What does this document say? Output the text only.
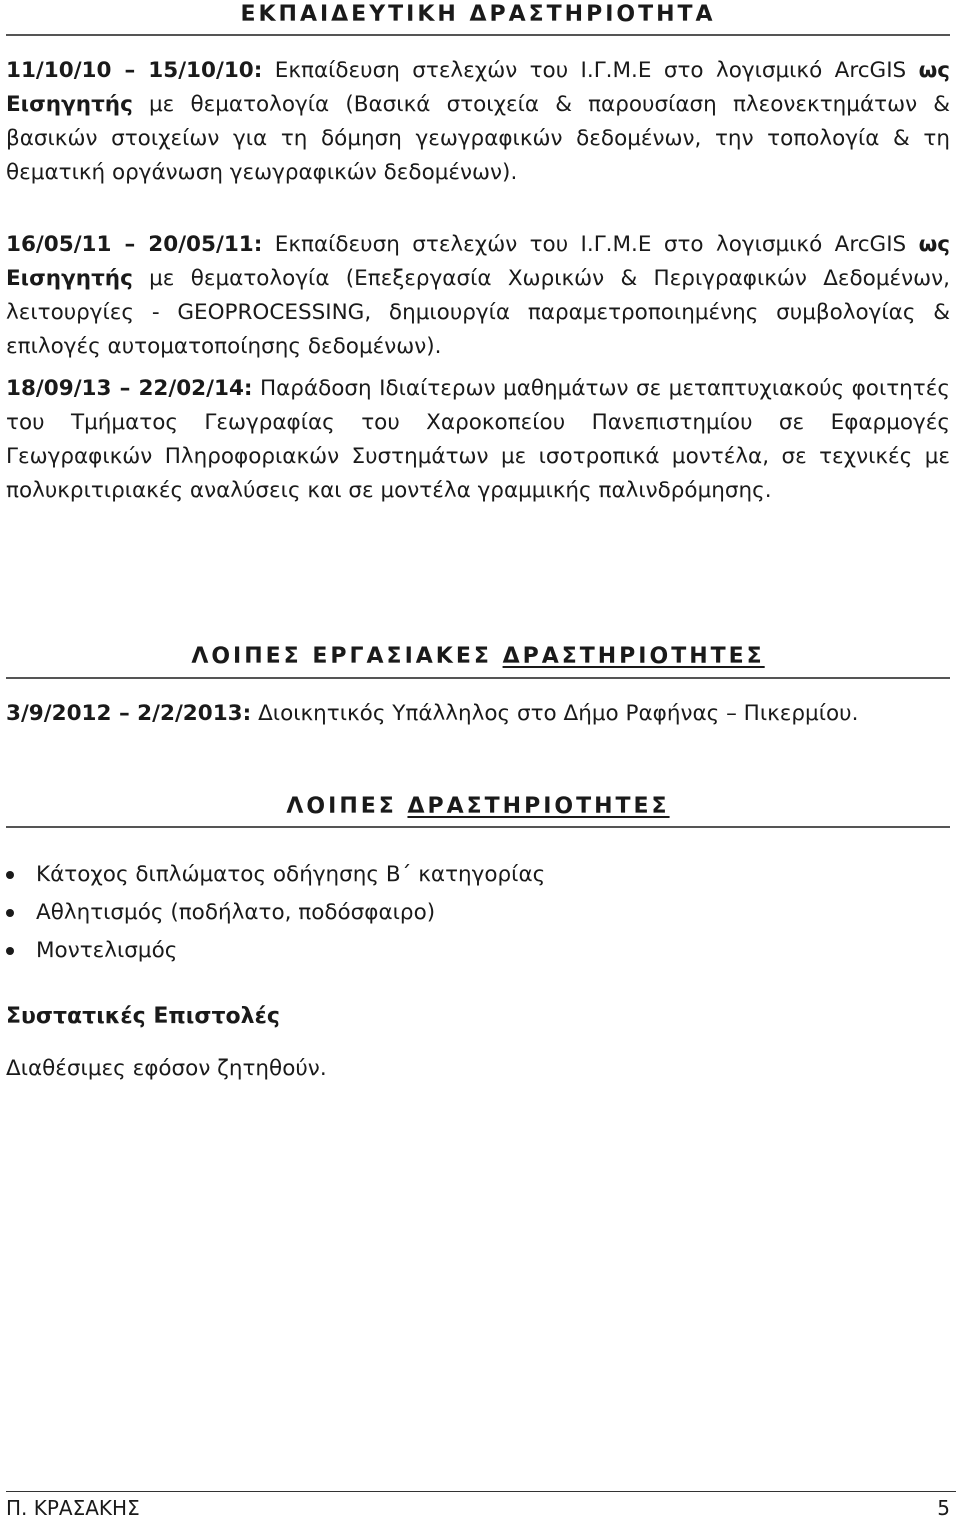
ΕΚΠΑΙΔΕΥΤΙΚΗ ΔΡΑΣΤΗΡΙΟΤΗΤΑ
11/10/10 – 15/10/10: Εκπαίδευση στελεχών του Ι.Γ.Μ.Ε στο λογισμικό ArcGIS ως Εισηγητής με θεματολογία (Βασικά στοιχεία & παρουσίαση πλεονεκτημάτων & βασικών στοιχείων για τη δόμηση γεωγραφικών δεδομένων, την τοπολογία & τη θεματική οργάνωση γεωγραφικών δεδομένων).
16/05/11 – 20/05/11: Εκπαίδευση στελεχών του Ι.Γ.Μ.Ε στο λογισμικό ArcGIS ως Εισηγητής με θεματολογία (Επεξεργασία Χωρικών & Περιγραφικών Δεδομένων, λειτουργίες - GEOPROCESSING, δημιουργία παραμετροποιημένης συμβολογίας & επιλογές αυτοματοποίησης δεδομένων).
18/09/13 – 22/02/14: Παράδοση Ιδιαίτερων μαθημάτων σε μεταπτυχιακούς φοιτητές του Τμήματος Γεωγραφίας του Χαροκοπείου Πανεπιστημίου σε Εφαρμογές Γεωγραφικών Πληροφοριακών Συστημάτων με ισοτροπικά μοντέλα, σε τεχνικές με πολυκριτιριακές αναλύσεις και σε μοντέλα γραμμικής παλινδρόμησης.
ΛΟΙΠΕΣ ΕΡΓΑΣΙΑΚΕΣ ΔΡΑΣΤΗΡΙΟΤΗΤΕΣ
3/9/2012 – 2/2/2013: Διοικητικός Υπάλληλος στο Δήμο Ραφήνας – Πικερμίου.
ΛΟΙΠΕΣ ΔΡΑΣΤΗΡΙΟΤΗΤΕΣ
Κάτοχος διπλώματος οδήγησης Β΄ κατηγορίας
Αθλητισμός (ποδήλατο, ποδόσφαιρο)
Μοντελισμός
Συστατικές Επιστολές
Διαθέσιμες εφόσον ζητηθούν.
Π. ΚΡΑΣΑΚΗΣ	5
